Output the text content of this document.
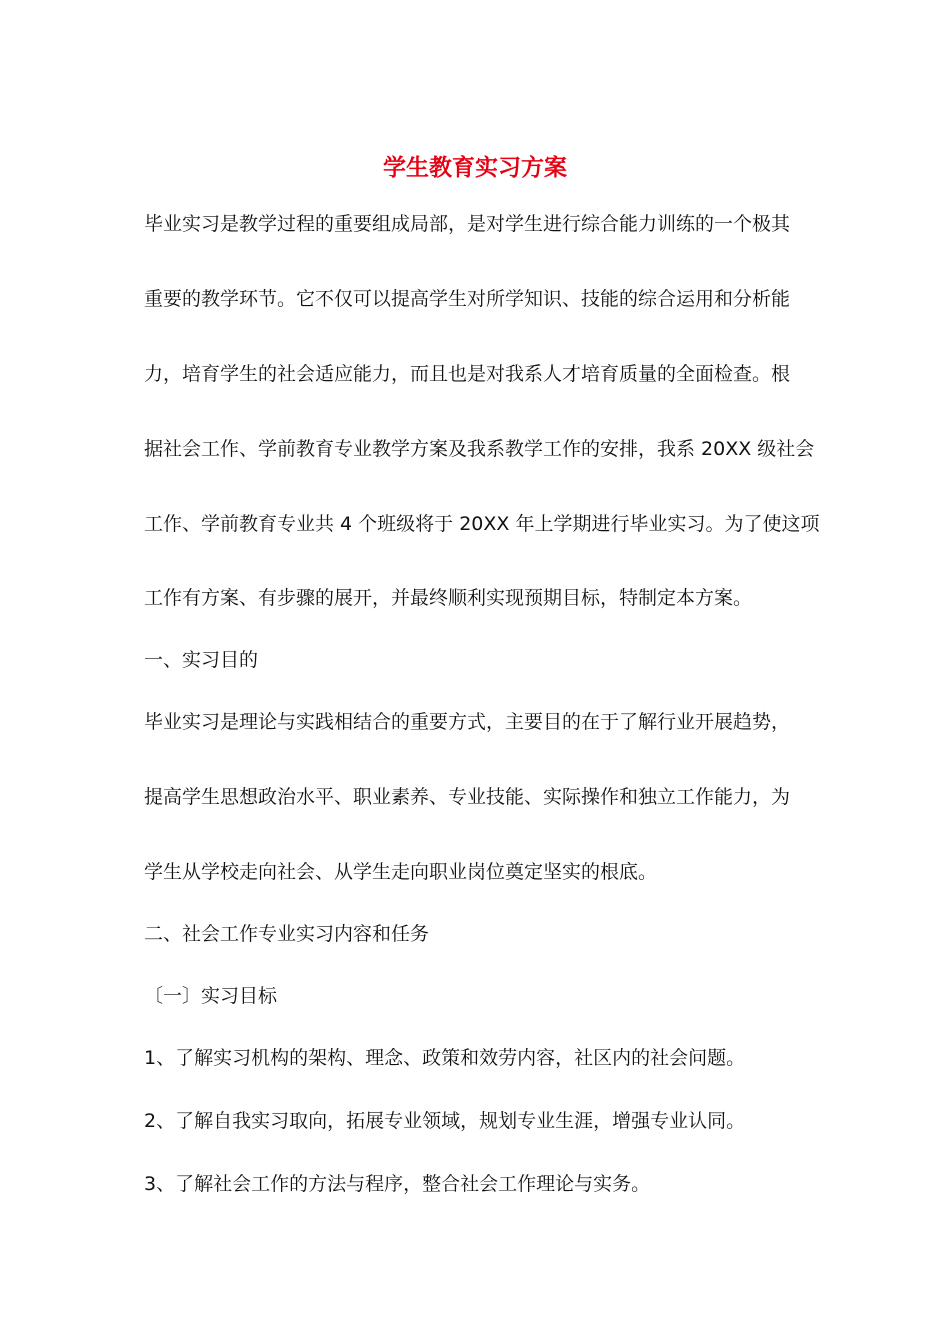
学生教育实习方案
毕业实习是教学过程的重要组成局部，是对学生进行综合能力训练的一个极其
重要的教学环节。它不仅可以提高学生对所学知识、技能的综合运用和分析能
力，培育学生的社会适应能力，而且也是对我系人才培育质量的全面检查。根
据社会工作、学前教育专业教学方案及我系教学工作的安排，我系 20XX 级社会
工作、学前教育专业共 4 个班级将于 20XX 年上学期进行毕业实习。为了使这项
工作有方案、有步骤的展开，并最终顺利实现预期目标，特制定本方案。
一、实习目的
毕业实习是理论与实践相结合的重要方式，主要目的在于了解行业开展趋势，
提高学生思想政治水平、职业素养、专业技能、实际操作和独立工作能力，为
学生从学校走向社会、从学生走向职业岗位奠定坚实的根底。
二、社会工作专业实习内容和任务
〔一〕实习目标
1、了解实习机构的架构、理念、政策和效劳内容，社区内的社会问题。
2、了解自我实习取向，拓展专业领域，规划专业生涯，增强专业认同。
3、了解社会工作的方法与程序，整合社会工作理论与实务。
